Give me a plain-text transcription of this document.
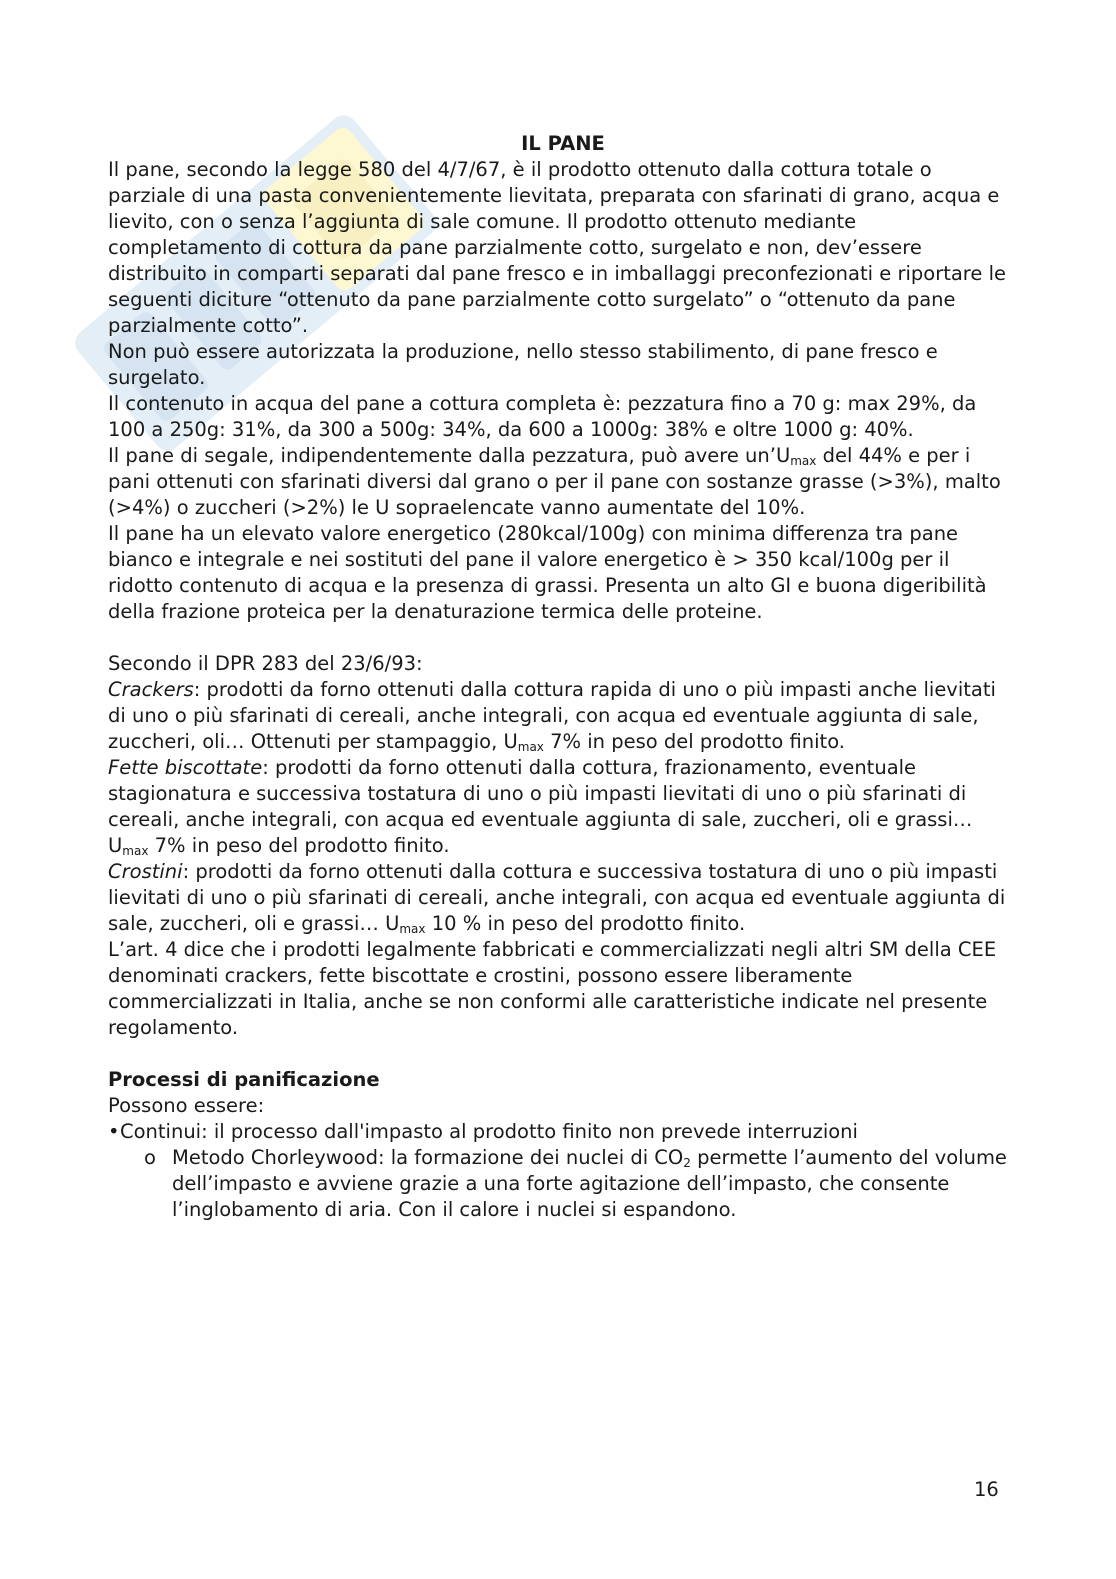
IL PANE

Il pane, secondo la legge 580 del 4/7/67, è il prodotto ottenuto dalla cottura totale o parziale di una pasta convenientemente lievitata, preparata con sfarinati di grano, acqua e lievito, con o senza l’aggiunta di sale comune. Il prodotto ottenuto mediante completamento di cottura da pane parzialmente cotto, surgelato e non, dev’essere distribuito in comparti separati dal pane fresco e in imballaggi preconfezionati e riportare le seguenti diciture “ottenuto da pane parzialmente cotto surgelato” o “ottenuto da pane parzialmente cotto”.

Non può essere autorizzata la produzione, nello stesso stabilimento, di pane fresco e surgelato.

Il contenuto in acqua del pane a cottura completa è: pezzatura fino a 70 g: max 29%, da 100 a 250g: 31%, da 300 a 500g: 34%, da 600 a 1000g: 38% e oltre 1000 g: 40%.

Il pane di segale, indipendentemente dalla pezzatura, può avere $un’U_{max}$ del 44% e per i pani ottenuti con sfarinati diversi dal grano o per il pane con sostanze grasse (>3%), malto (>4%) o zuccheri (>2%) le U sopraelencate vanno aumentate del 10%.

Il pane ha un elevato valore energetico (280kcal/100g) con minima differenza tra pane bianco e integrale e nei sostituti del pane il valore energetico è > 350 kcal/100g per il ridotto contenuto di acqua e la presenza di grassi. Presenta un alto GI e buona digeribilità della frazione proteica per la denaturazione termica delle proteine.

Secondo il DPR 283 del 23/6/93:

Crackers: prodotti da forno ottenuti dalla cottura rapida di uno o più impasti anche lievitati di uno o più sfarinati di cereali, anche integrali, con acqua ed eventuale aggiunta di sale, zuccheri, oli… Ottenuti per stampaggio, $U_{max}$ 7% in peso del prodotto finito.

Fette biscottate: prodotti da forno ottenuti dalla cottura, frazionamento, eventuale stagionatura e successiva tostatura di uno o più impasti lievitati di uno o più sfarinati di cereali, anche integrali, con acqua ed eventuale aggiunta di sale, zuccheri, oli e grassi… $U_{max}$ 7% in peso del prodotto finito.

Crostini: prodotti da forno ottenuti dalla cottura e successiva tostatura di uno o più impasti lievitati di uno o più sfarinati di cereali, anche integrali, con acqua ed eventuale aggiunta di sale, zuccheri, oli e grassi… $U_{max}$ 10 % in peso del prodotto finito.

L’art. 4 dice che i prodotti legalmente fabbricati e commercializzati negli altri SM della CEE denominati crackers, fette biscottate e crostini, possono essere liberamente commercializzati in Italia, anche se non conformi alle caratteristiche indicate nel presente regolamento.

Processi di panificazione

Possono essere:

• Continui: il processo dall'impasto al prodotto finito non prevede interruzioni
o Metodo Chorleywood: la formazione dei nuclei di $CO_2$ permette l’aumento del volume dell’impasto e avviene grazie a una forte agitazione dell’impasto, che consente l’inglobamento di aria. Con il calore i nuclei si espandono.
16
